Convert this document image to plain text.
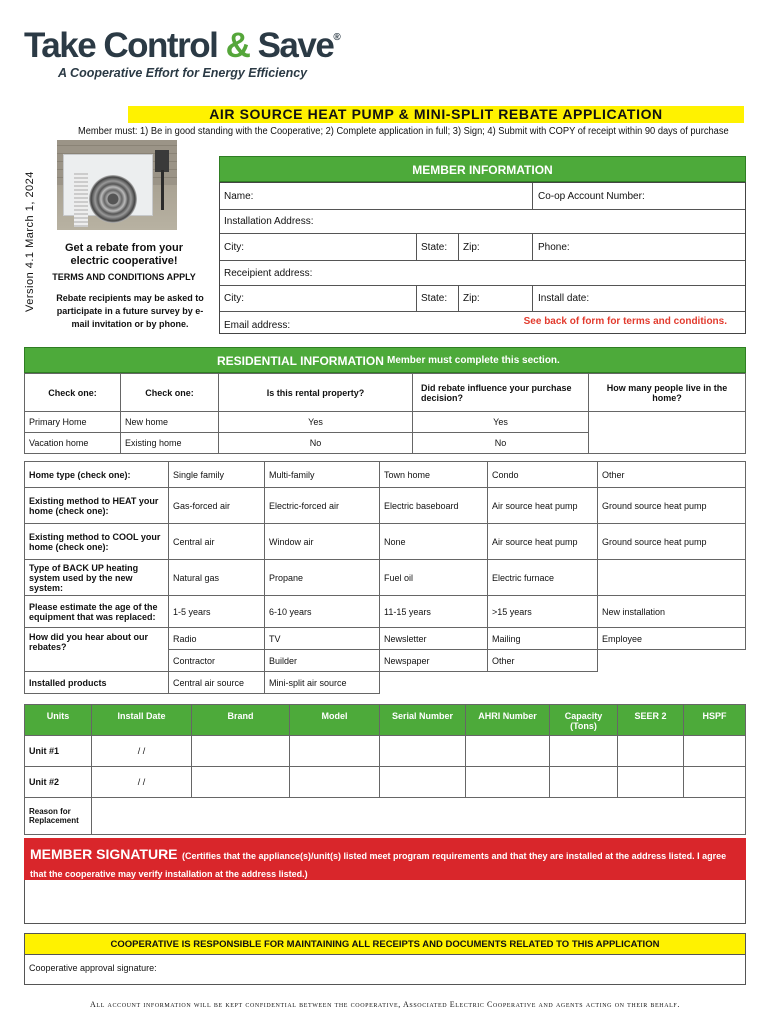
Take Control & Save®
A Cooperative Effort for Energy Efficiency
AIR SOURCE HEAT PUMP & MINI-SPLIT REBATE APPLICATION
Member must: 1) Be in good standing with the Cooperative; 2) Complete application in full; 3) Sign; 4) Submit with COPY of receipt within 90 days of purchase
Version 4.1 March 1, 2024	Get a rebate from your electric cooperative!
TERMS AND CONDITIONS APPLY
Rebate recipients may be asked to participate in a future survey by e-mail invitation or by phone.
MEMBER INFORMATION
Name:	Co-op Account Number:
Installation Address:
City:	State: Zip:	Phone:
Receipient address:
City:	State: Zip:	Install date:
Email address:	See back of form for terms and conditions.
RESIDENTIAL INFORMATION Member must complete this section.
Check one:	Check one:	Is this rental property?	Did rebate influence your purchase decision?	How many people live in the home?
Primary Home	New home	Yes	Yes	
Vacation home	Existing home	No	No	
Home type (check one):	Single family	Multi-family	Town home	Condo	Other
Existing method to HEAT your home (check one):	Gas-forced air	Electric-forced air	Electric baseboard	Air source heat pump	Ground source heat pump
Existing method to COOL your home (check one):	Central air	Window air	None	Air source heat pump	Ground source heat pump
Type of BACK UP heating system used by the new system:	Natural gas	Propane	Fuel oil	Electric furnace	
Please estimate the age of the equipment that was replaced:	1-5 years	6-10 years	11-15 years	>15 years	New installation
How did you hear about our rebates?	Radio	TV	Newsletter	Mailing	Employee
	Contractor	Builder	Newspaper	Other	
Installed products	Central air source	Mini-split air source			
Units	Install Date	Brand	Model	Serial Number	AHRI Number	Capacity (Tons)	SEER 2	HSPF
Unit #1	/ /							
Unit #2	/ /							
Reason for Replacement								
MEMBER SIGNATURE (Certifies that the appliance(s)/unit(s) listed meet program requirements and that they are installed at the address listed. I agree that the cooperative may verify installation at the address listed.)
COOPERATIVE IS RESPONSIBLE FOR MAINTAINING ALL RECEIPTS AND DOCUMENTS RELATED TO THIS APPLICATION
Cooperative approval signature:
All account information will be kept confidential between the cooperative, Associated Electric Cooperative and agents acting on their behalf.
